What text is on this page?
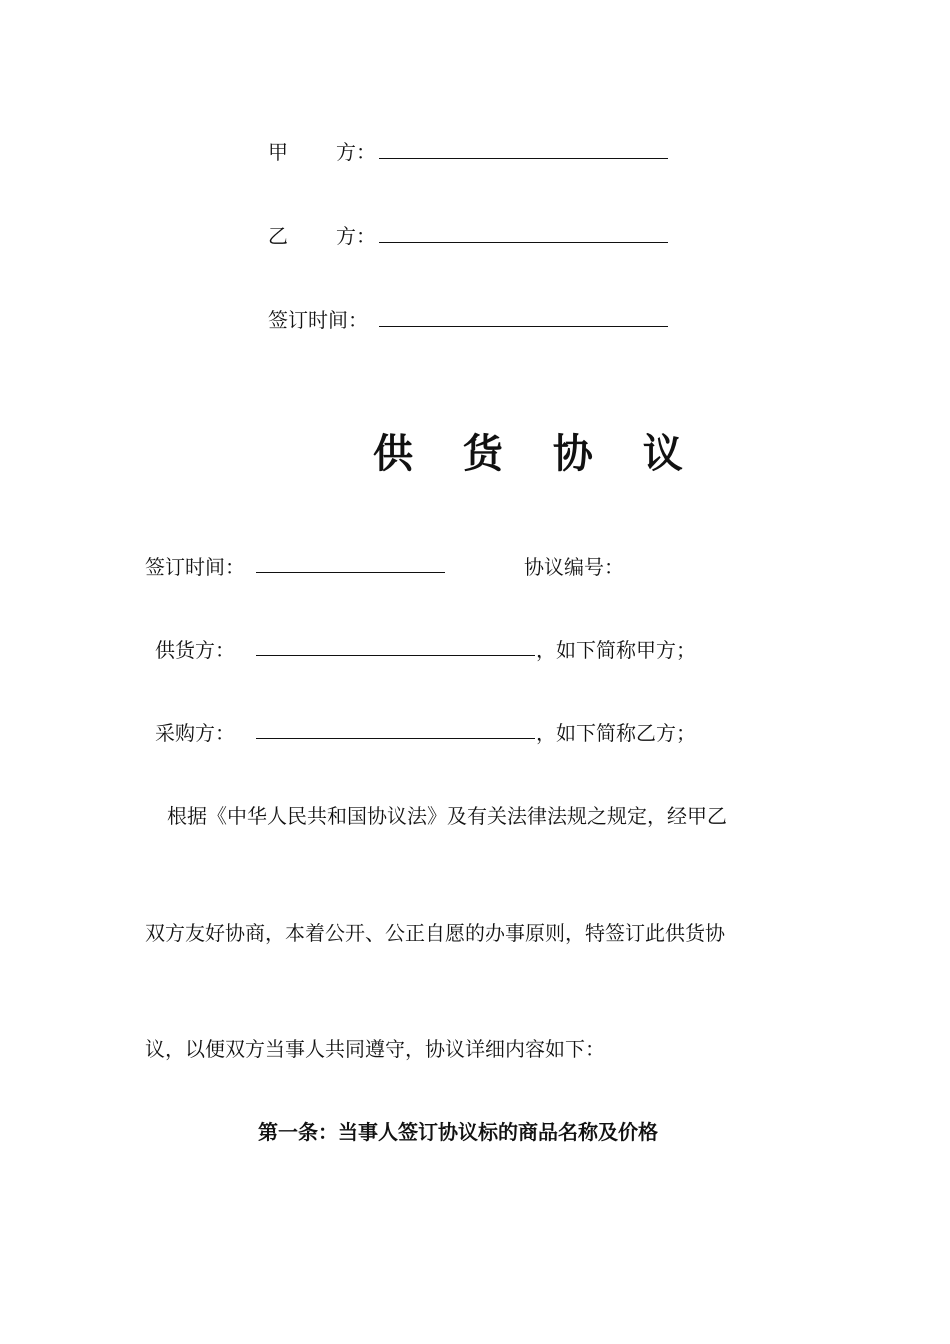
甲 方：
乙 方：
签订时间：
供 货 协 议
签订时间：	协议编号：
供货方：	，如下简称甲方；
采购方：	，如下简称乙方；
根据《中华人民共和国协议法》及有关法律法规之规定，经甲乙
双方友好协商，本着公开、公正自愿的办事原则，特签订此供货协
议，以便双方当事人共同遵守，协议详细内容如下：
第一条：当事人签订协议标的商品名称及价格
